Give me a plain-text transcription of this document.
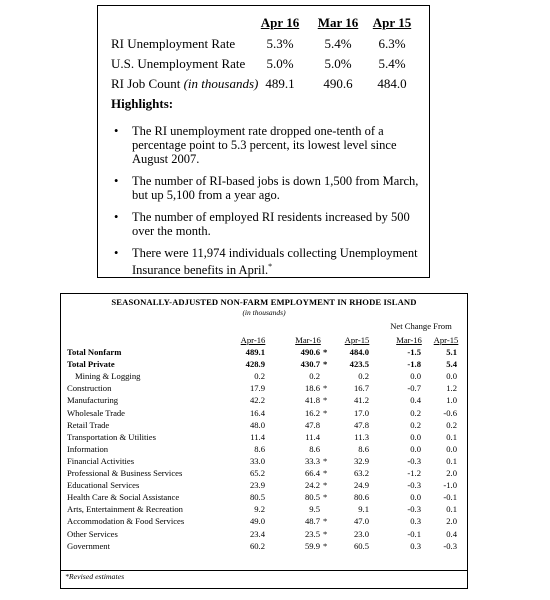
Apr 16	Mar 16	Apr 15
RI Unemployment Rate	5.3%	5.4%	6.3%
U.S. Unemployment Rate	5.0%	5.0%	5.4%
RI Job Count (in thousands) 489.1	490.6	484.0
Highlights:
• The RI unemployment rate dropped one-tenth of a percentage point to 5.3 percent, its lowest level since August 2007.
• The number of RI-based jobs is down 1,500 from March, but up 5,100 from a year ago.
• The number of employed RI residents increased by 500 over the month.
• There were 11,974 individuals collecting Unemployment Insurance benefits in April.*
SEASONALLY-ADJUSTED NON-FARM EMPLOYMENT IN RHODE ISLAND
(in thousands)
Net Change From
Apr-16	Mar-16	Apr-15	Mar-16	Apr-15
Total Nonfarm	489.1	490.6 *	484.0	-1.5	5.1
Total Private	428.9	430.7 *	423.5	-1.8	5.4
Mining & Logging	0.2	0.2	0.2	0.0	0.0
Construction	17.9	18.6 *	16.7	-0.7	1.2
Manufacturing	42.2	41.8 *	41.2	0.4	1.0
Wholesale Trade	16.4	16.2 *	17.0	0.2	-0.6
Retail Trade	48.0	47.8	47.8	0.2	0.2
Transportation & Utilities	11.4	11.4	11.3	0.0	0.1
Information	8.6	8.6	8.6	0.0	0.0
Financial Activities	33.0	33.3 *	32.9	-0.3	0.1
Professional & Business Services	65.2	66.4 *	63.2	-1.2	2.0
Educational Services	23.9	24.2 *	24.9	-0.3	-1.0
Health Care & Social Assistance	80.5	80.5 *	80.6	0.0	-0.1
Arts, Entertainment & Recreation	9.2	9.5	9.1	-0.3	0.1
Accommodation & Food Services	49.0	48.7 *	47.0	0.3	2.0
Other Services	23.4	23.5 *	23.0	-0.1	0.4
Government	60.2	59.9 *	60.5	0.3	-0.3
*Revised estimates
